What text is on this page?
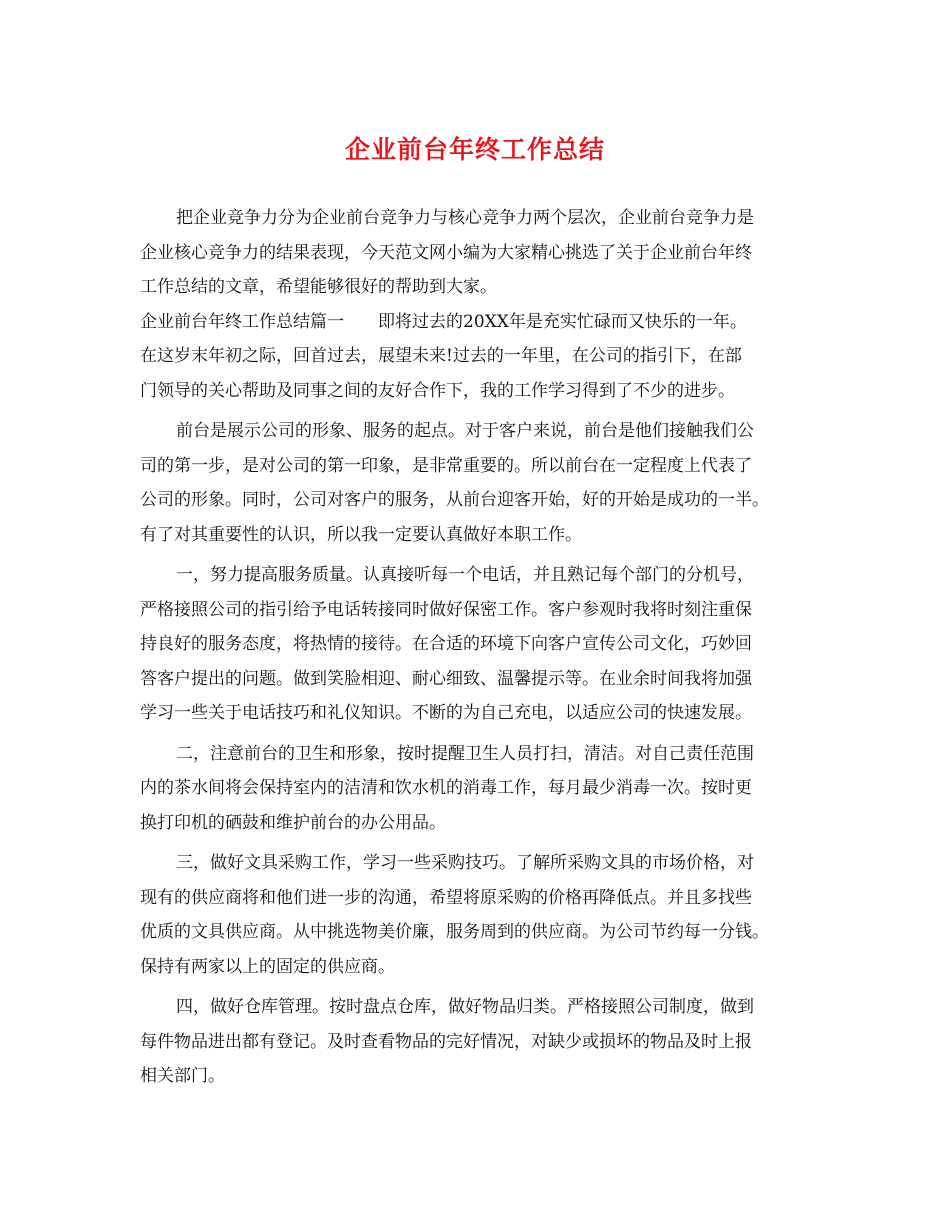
企业前台年终工作总结
把企业竞争力分为企业前台竞争力与核心竞争力两个层次，企业前台竞争力是
企业核心竞争力的结果表现，今天范文网小编为大家精心挑选了关于企业前台年终
工作总结的文章，希望能够很好的帮助到大家。
企业前台年终工作总结篇一 即将过去的20XX年是充实忙碌而又快乐的一年。
在这岁末年初之际，回首过去，展望未来!过去的一年里，在公司的指引下，在部
门领导的关心帮助及同事之间的友好合作下，我的工作学习得到了不少的进步。
前台是展示公司的形象、服务的起点。对于客户来说，前台是他们接触我们公
司的第一步，是对公司的第一印象，是非常重要的。所以前台在一定程度上代表了
公司的形象。同时，公司对客户的服务，从前台迎客开始，好的开始是成功的一半。
有了对其重要性的认识，所以我一定要认真做好本职工作。
一，努力提高服务质量。认真接听每一个电话，并且熟记每个部门的分机号，
严格接照公司的指引给予电话转接同时做好保密工作。客户参观时我将时刻注重保
持良好的服务态度，将热情的接待。在合适的环境下向客户宣传公司文化，巧妙回
答客户提出的问题。做到笑脸相迎、耐心细致、温馨提示等。在业余时间我将加强
学习一些关于电话技巧和礼仪知识。不断的为自己充电，以适应公司的快速发展。
二，注意前台的卫生和形象，按时提醒卫生人员打扫，清洁。对自己责任范围
内的茶水间将会保持室内的洁清和饮水机的消毒工作，每月最少消毒一次。按时更
换打印机的硒鼓和维护前台的办公用品。
三，做好文具采购工作，学习一些采购技巧。了解所采购文具的市场价格，对
现有的供应商将和他们进一步的沟通，希望将原采购的价格再降低点。并且多找些
优质的文具供应商。从中挑选物美价廉，服务周到的供应商。为公司节约每一分钱。
保持有两家以上的固定的供应商。
四，做好仓库管理。按时盘点仓库，做好物品归类。严格接照公司制度，做到
每件物品进出都有登记。及时查看物品的完好情况，对缺少或损坏的物品及时上报
相关部门。
